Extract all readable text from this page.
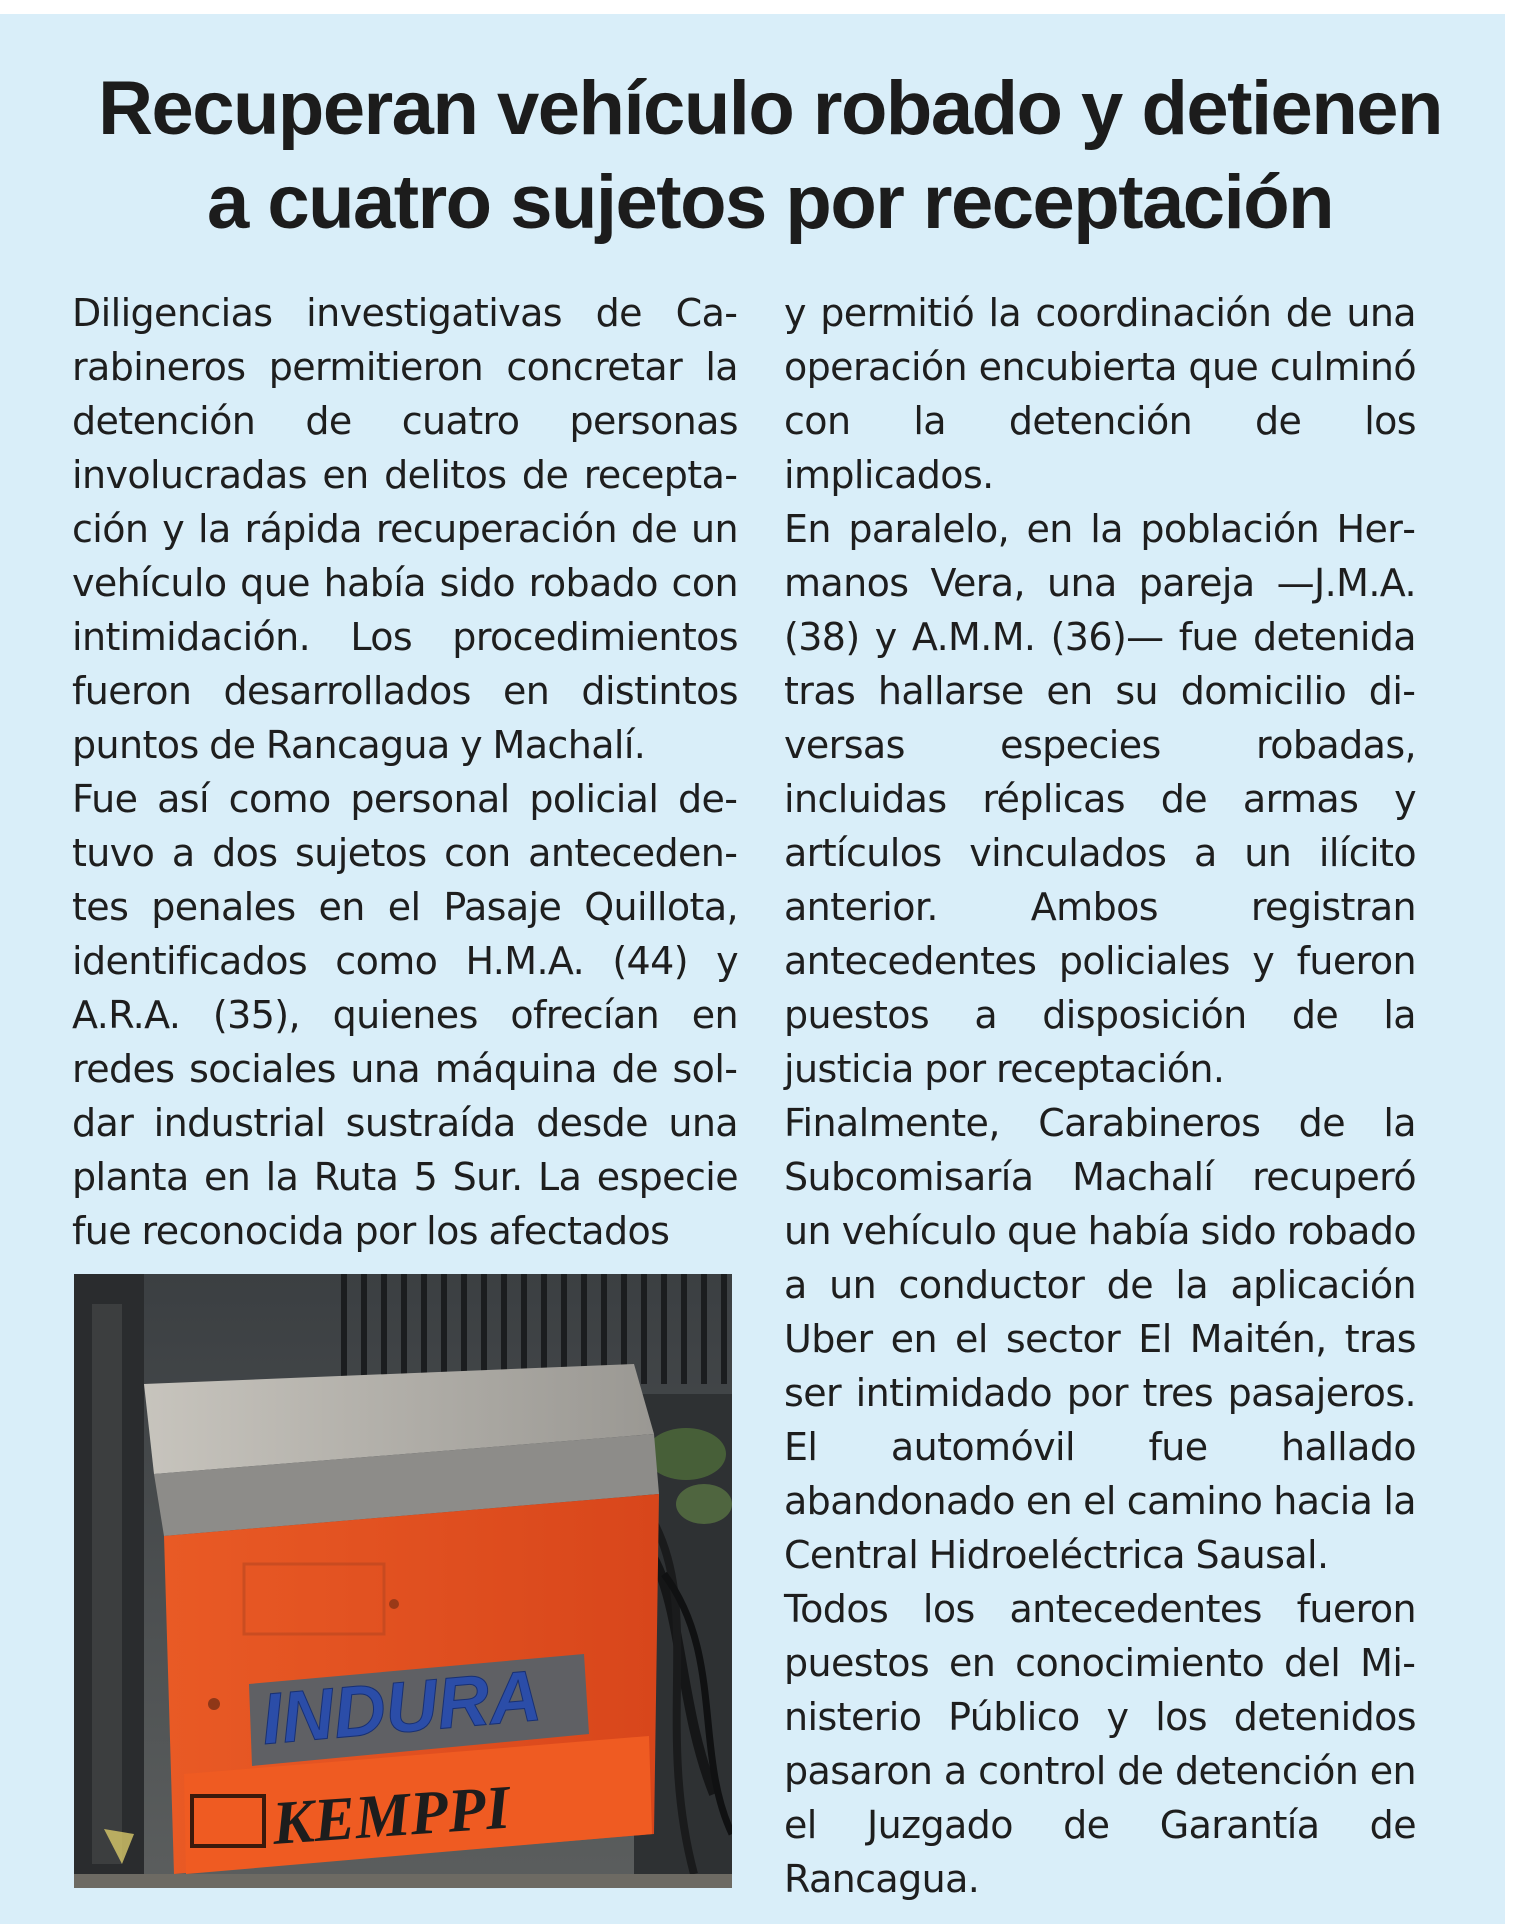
Recuperan vehículo robado y detienen
a cuatro sujetos por receptación

Diligencias investigativas de Carabineros permitieron concretar la detención de cuatro personas involucradas en delitos de receptación y la rápida recuperación de un vehículo que había sido robado con intimidación. Los procedimientos fueron desarrollados en distintos puntos de Rancagua y Machalí.

Fue así como personal policial detuvo a dos sujetos con antecedentes penales en el Pasaje Quillota, identificados como H.M.A. (44) y A.R.A. (35), quienes ofrecían en redes sociales una máquina de soldar industrial sustraída desde una planta en la Ruta 5 Sur. La especie fue reconocida por los afectados

y permitió la coordinación de una operación encubierta que culminó con la detención de los implicados.

En paralelo, en la población Hermanos Vera, una pareja —J.M.A. (38) y A.M.M. (36)— fue detenida tras hallarse en su domicilio diversas especies robadas, incluidas réplicas de armas y artículos vinculados a un ilícito anterior. Ambos registran antecedentes policiales y fueron puestos a disposición de la justicia por receptación.

Finalmente, Carabineros de la Subcomisaría Machalí recuperó un vehículo que había sido robado a un conductor de la aplicación Uber en el sector El Maitén, tras ser intimidado por tres pasajeros. El automóvil fue hallado abandonado en el camino hacia la Central Hidroeléctrica Sausal.

Todos los antecedentes fueron puestos en conocimiento del Ministerio Público y los detenidos pasaron a control de detención en el Juzgado de Garantía de Rancagua.

INDURA
KEMPPI
